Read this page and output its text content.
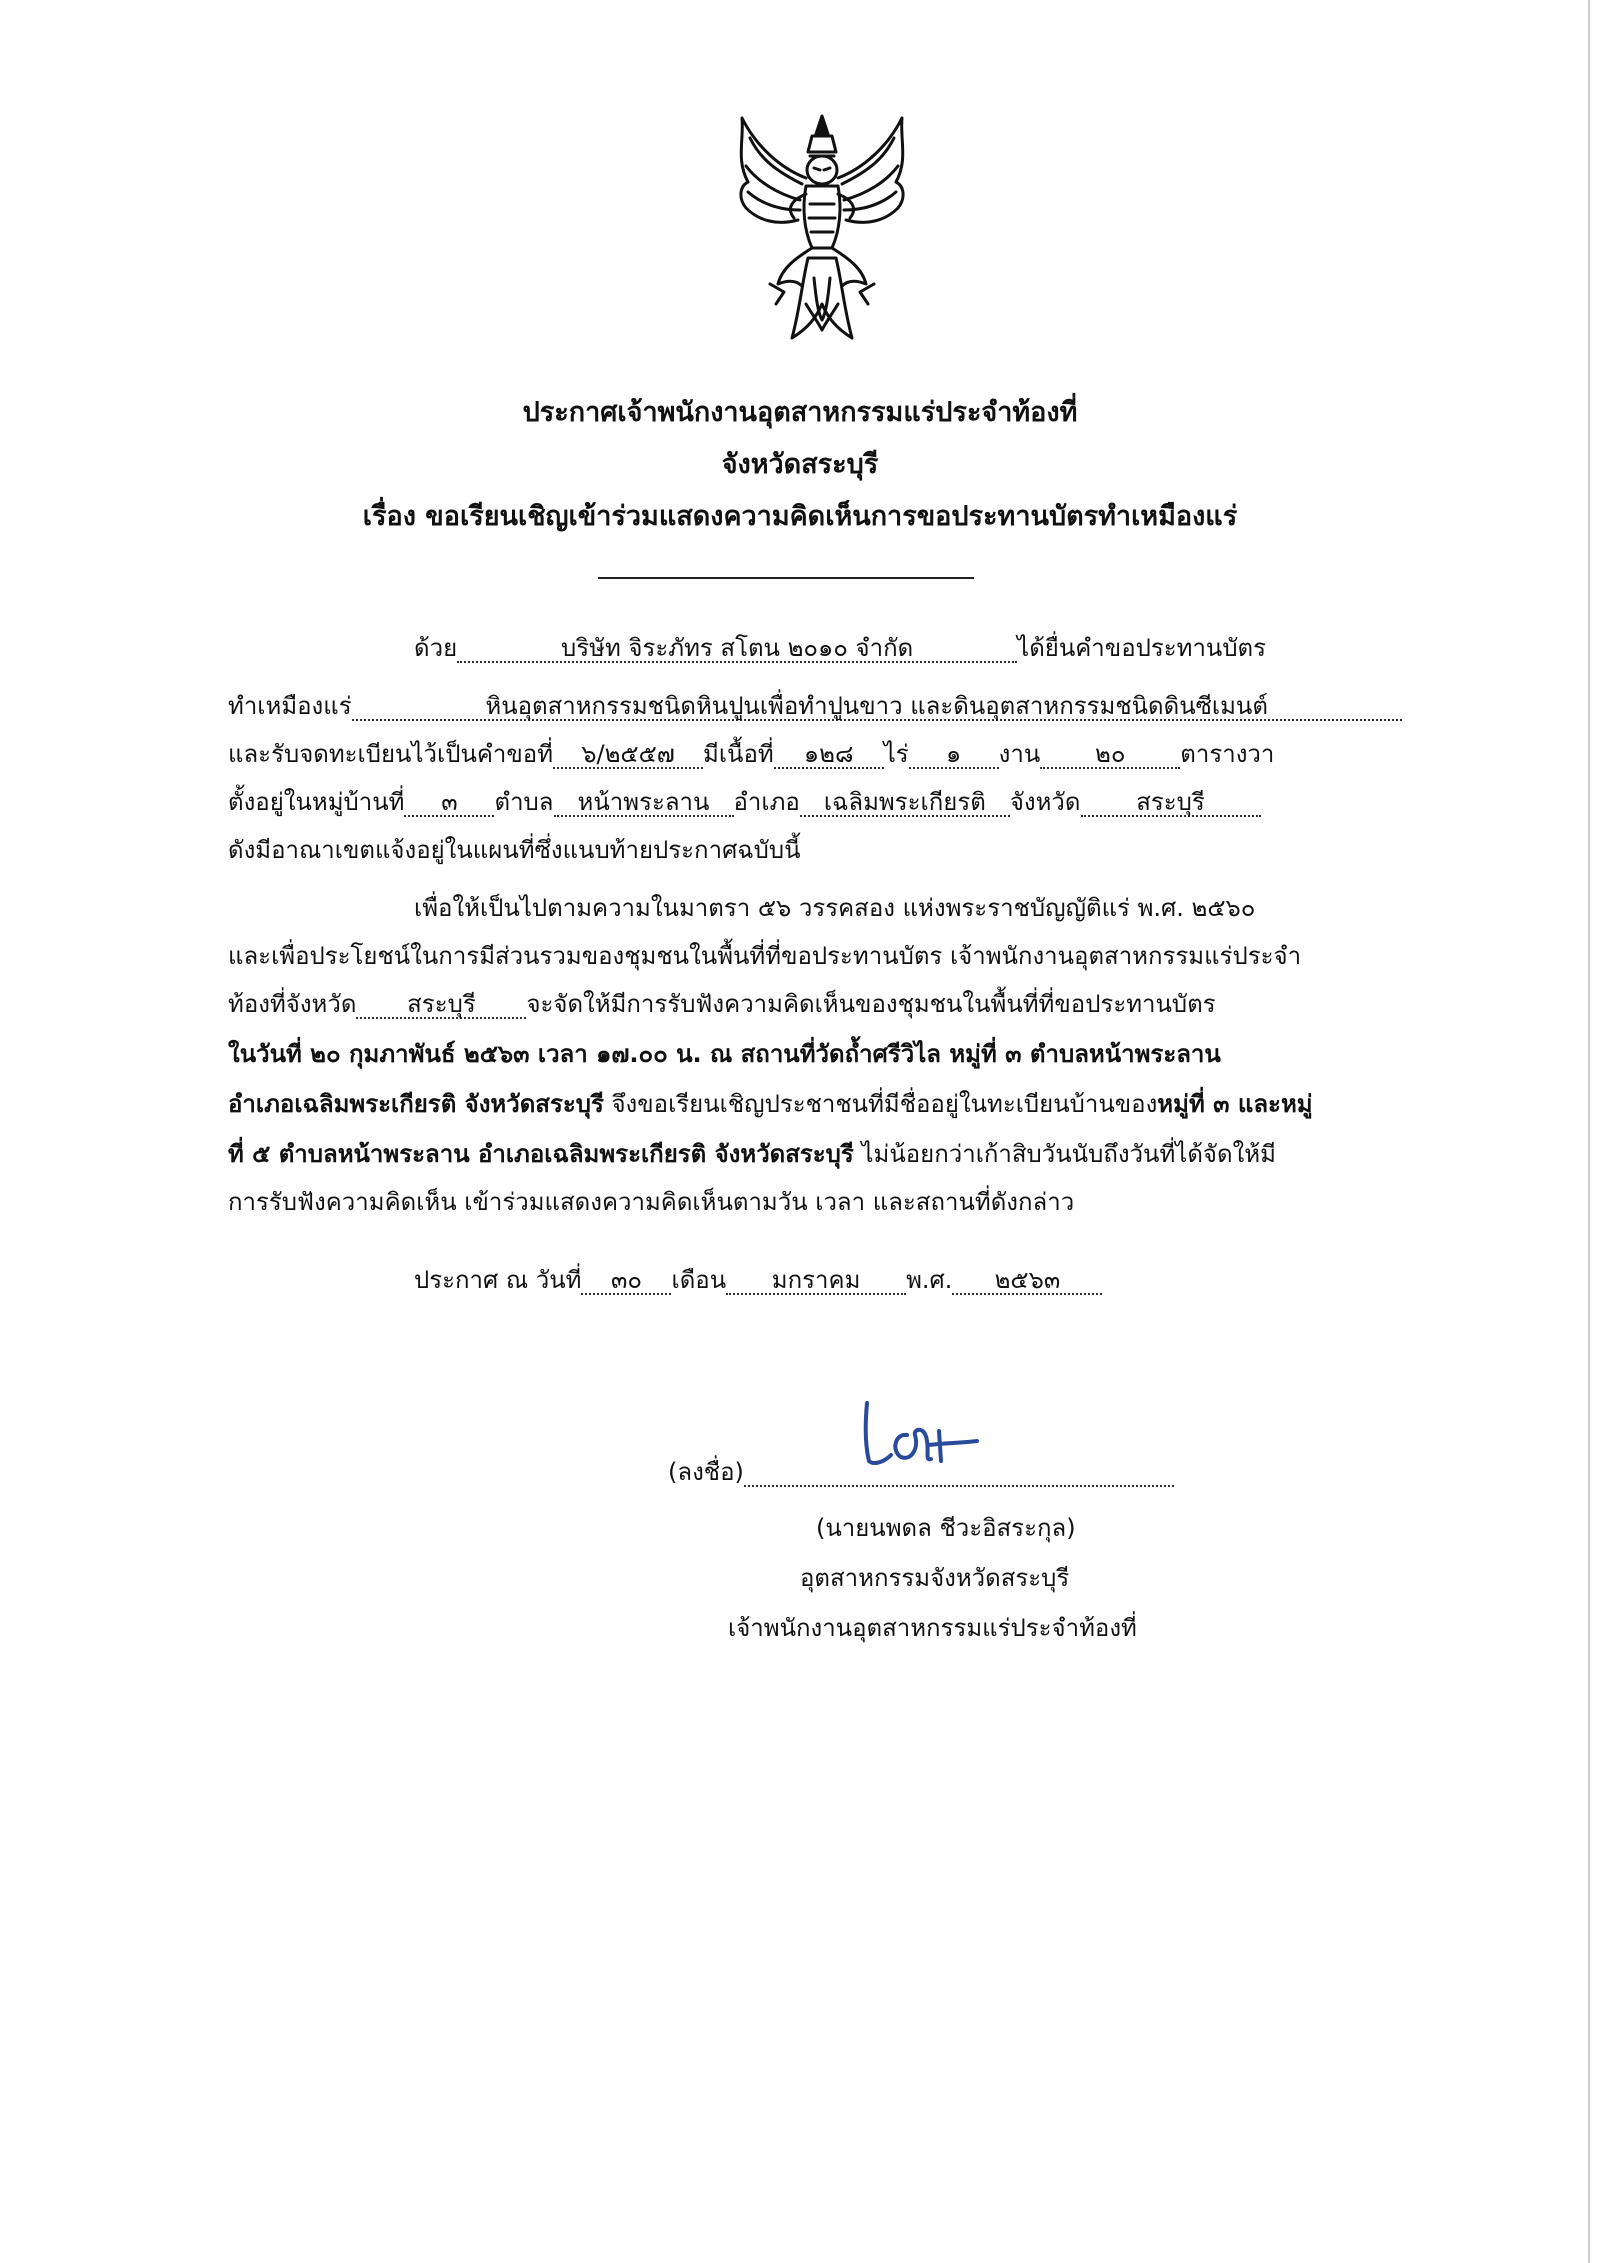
ประกาศเจ้าพนักงานอุตสาหกรรมแร่ประจำท้องที่
จังหวัดสระบุรี
เรื่อง ขอเรียนเชิญเข้าร่วมแสดงความคิดเห็นการขอประทานบัตรทำเหมืองแร่
ด้วย	บริษัท จิระภัทร สโตน ๒๐๑๐ จำกัด	ได้ยื่นคำขอประทานบัตร
ทำเหมืองแร่	หินอุตสาหกรรมชนิดหินปูนเพื่อทำปูนขาว และดินอุตสาหกรรมชนิดดินซีเมนต์
และรับจดทะเบียนไว้เป็นคำขอที่ ๖/๒๕๕๗ มีเนื้อที่ ๑๒๘ ไร่ ๑ งาน ๒๐ ตารางวา
ตั้งอยู่ในหมู่บ้านที่ ๓ ตำบล หน้าพระลาน อำเภอ เฉลิมพระเกียรติ จังหวัด สระบุรี
ดังมีอาณาเขตแจ้งอยู่ในแผนที่ซึ่งแนบท้ายประกาศฉบับนี้
เพื่อให้เป็นไปตามความในมาตรา ๕๖ วรรคสอง แห่งพระราชบัญญัติแร่ พ.ศ. ๒๕๖๐
และเพื่อประโยชน์ในการมีส่วนรวมของชุมชนในพื้นที่ที่ขอประทานบัตร เจ้าพนักงานอุตสาหกรรมแร่ประจำ
ท้องที่จังหวัด สระบุรี จะจัดให้มีการรับฟังความคิดเห็นของชุมชนในพื้นที่ที่ขอประทานบัตร
ในวันที่ ๒๐ กุมภาพันธ์ ๒๕๖๓ เวลา ๑๗.๐๐ น. ณ สถานที่วัดถ้ำศรีวิไล หมู่ที่ ๓ ตำบลหน้าพระลาน
อำเภอเฉลิมพระเกียรติ จังหวัดสระบุรี จึงขอเรียนเชิญประชาชนที่มีชื่ออยู่ในทะเบียนบ้านของหมู่ที่ ๓ และหมู่
ที่ ๕ ตำบลหน้าพระลาน อำเภอเฉลิมพระเกียรติ จังหวัดสระบุรี ไม่น้อยกว่าเก้าสิบวันนับถึงวันที่ได้จัดให้มี
การรับฟังความคิดเห็น เข้าร่วมแสดงความคิดเห็นตามวัน เวลา และสถานที่ดังกล่าว
ประกาศ ณ วันที่ ๓๐ เดือน มกราคม พ.ศ. ๒๕๖๓
(ลงชื่อ)
(นายนพดล ชีวะอิสระกุล)
อุตสาหกรรมจังหวัดสระบุรี
เจ้าพนักงานอุตสาหกรรมแร่ประจำท้องที่
